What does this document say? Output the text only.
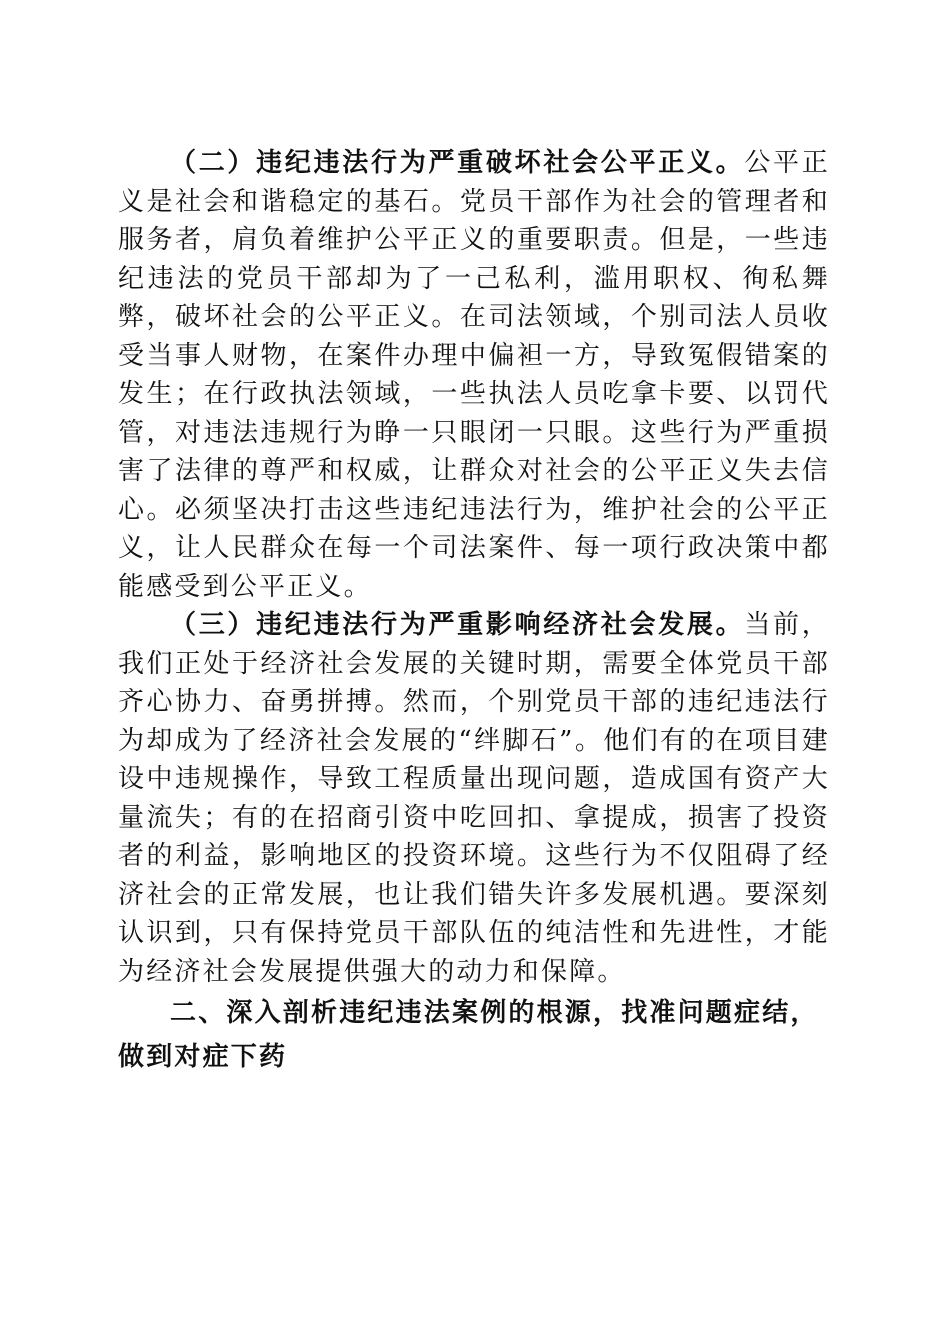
（二）违纪违法行为严重破坏社会公平正义。公平正义是社会和谐稳定的基石。党员干部作为社会的管理者和服务者，肩负着维护公平正义的重要职责。但是，一些违纪违法的党员干部却为了一己私利，滥用职权、徇私舞弊，破坏社会的公平正义。在司法领域，个别司法人员收受当事人财物，在案件办理中偏袒一方，导致冤假错案的发生；在行政执法领域，一些执法人员吃拿卡要、以罚代管，对违法违规行为睁一只眼闭一只眼。这些行为严重损害了法律的尊严和权威，让群众对社会的公平正义失去信心。必须坚决打击这些违纪违法行为，维护社会的公平正义，让人民群众在每一个司法案件、每一项行政决策中都能感受到公平正义。

（三）违纪违法行为严重影响经济社会发展。当前，我们正处于经济社会发展的关键时期，需要全体党员干部齐心协力、奋勇拼搏。然而，个别党员干部的违纪违法行为却成为了经济社会发展的“绊脚石”。他们有的在项目建设中违规操作，导致工程质量出现问题，造成国有资产大量流失；有的在招商引资中吃回扣、拿提成，损害了投资者的利益，影响地区的投资环境。这些行为不仅阻碍了经济社会的正常发展，也让我们错失许多发展机遇。要深刻认识到，只有保持党员干部队伍的纯洁性和先进性，才能为经济社会发展提供强大的动力和保障。

二、深入剖析违纪违法案例的根源，找准问题症结，做到对症下药
